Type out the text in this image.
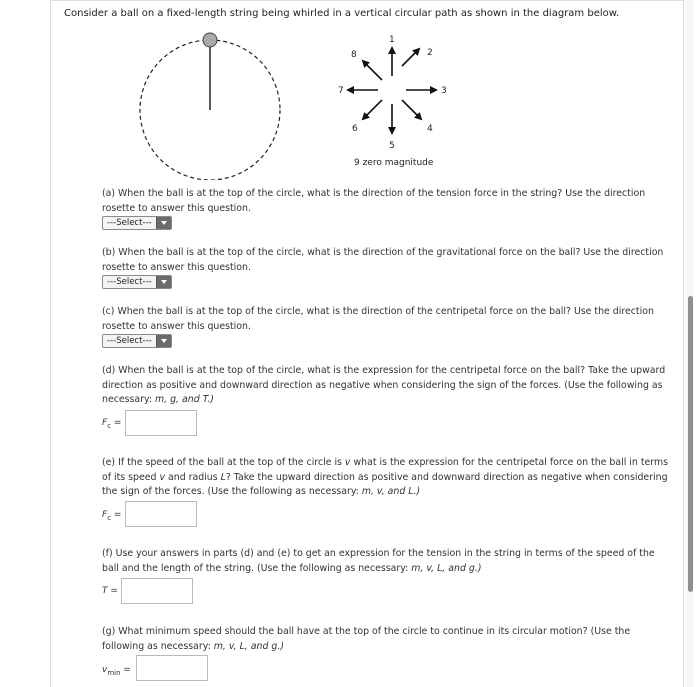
Consider a ball on a fixed-length string being whirled in a vertical circular path as shown in the diagram below.
1
2
3
4
5
6
7
8
9 zero magnitude
(a) When the ball is at the top of the circle, what is the direction of the tension force in the string? Use the direction rosette to answer this question.
---Select---
(b) When the ball is at the top of the circle, what is the direction of the gravitational force on the ball? Use the direction rosette to answer this question.
---Select---
(c) When the ball is at the top of the circle, what is the direction of the centripetal force on the ball? Use the direction rosette to answer this question.
---Select---
(d) When the ball is at the top of the circle, what is the expression for the centripetal force on the ball? Take the upward direction as positive and downward direction as negative when considering the sign of the forces. (Use the following as necessary: m, g, and T.)
$F_c$ =
(e) If the speed of the ball at the top of the circle is v what is the expression for the centripetal force on the ball in terms of its speed v and radius L? Take the upward direction as positive and downward direction as negative when considering the sign of the forces. (Use the following as necessary: m, v, and L.)
$F_c$ =
(f) Use your answers in parts (d) and (e) to get an expression for the tension in the string in terms of the speed of the ball and the length of the string. (Use the following as necessary: m, v, L, and g.)
T =
(g) What minimum speed should the ball have at the top of the circle to continue in its circular motion? (Use the following as necessary: m, v, L, and g.)
$v_{min}$ =
